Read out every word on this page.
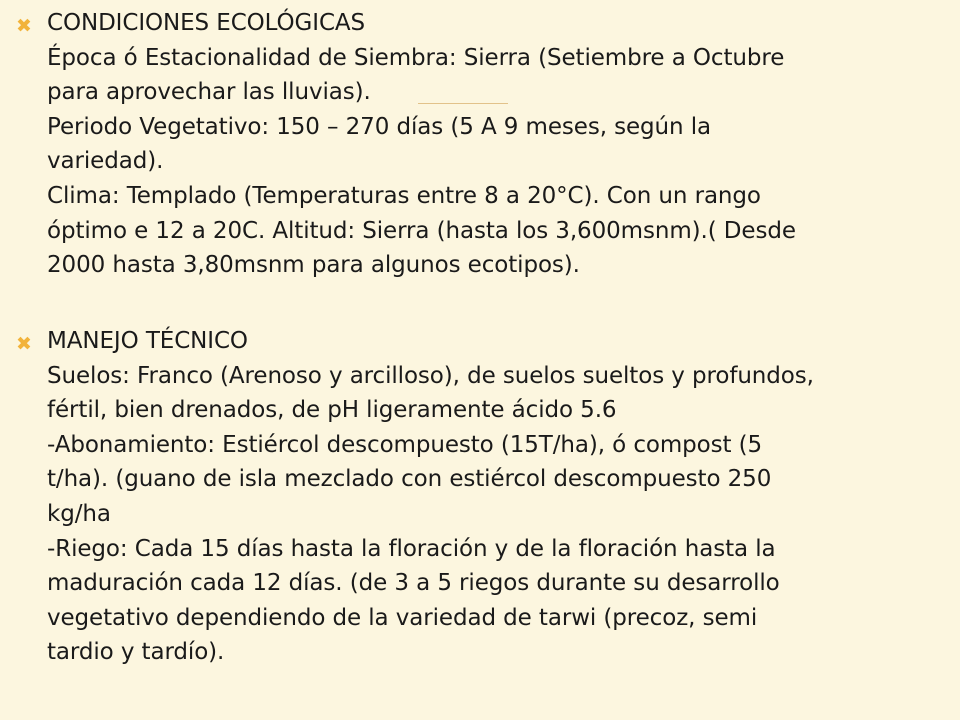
✖ CONDICIONES ECOLÓGICAS
Época ó Estacionalidad de Siembra: Sierra (Setiembre a Octubre
para aprovechar las lluvias).
Periodo Vegetativo: 150 – 270 días (5 A 9 meses, según la
variedad).
Clima: Templado (Temperaturas entre 8 a 20°C). Con un rango
óptimo e 12 a 20C. Altitud: Sierra (hasta los 3,600msnm).( Desde
2000 hasta 3,80msnm para algunos ecotipos).
✖ MANEJO TÉCNICO
Suelos: Franco (Arenoso y arcilloso), de suelos sueltos y profundos,
fértil, bien drenados, de pH ligeramente ácido 5.6
-Abonamiento: Estiércol descompuesto (15T/ha), ó compost (5
t/ha). (guano de isla mezclado con estiércol descompuesto 250
kg/ha
-Riego: Cada 15 días hasta la floración y de la floración hasta la
maduración cada 12 días. (de 3 a 5 riegos durante su desarrollo
vegetativo dependiendo de la variedad de tarwi (precoz, semi
tardio y tardío).
